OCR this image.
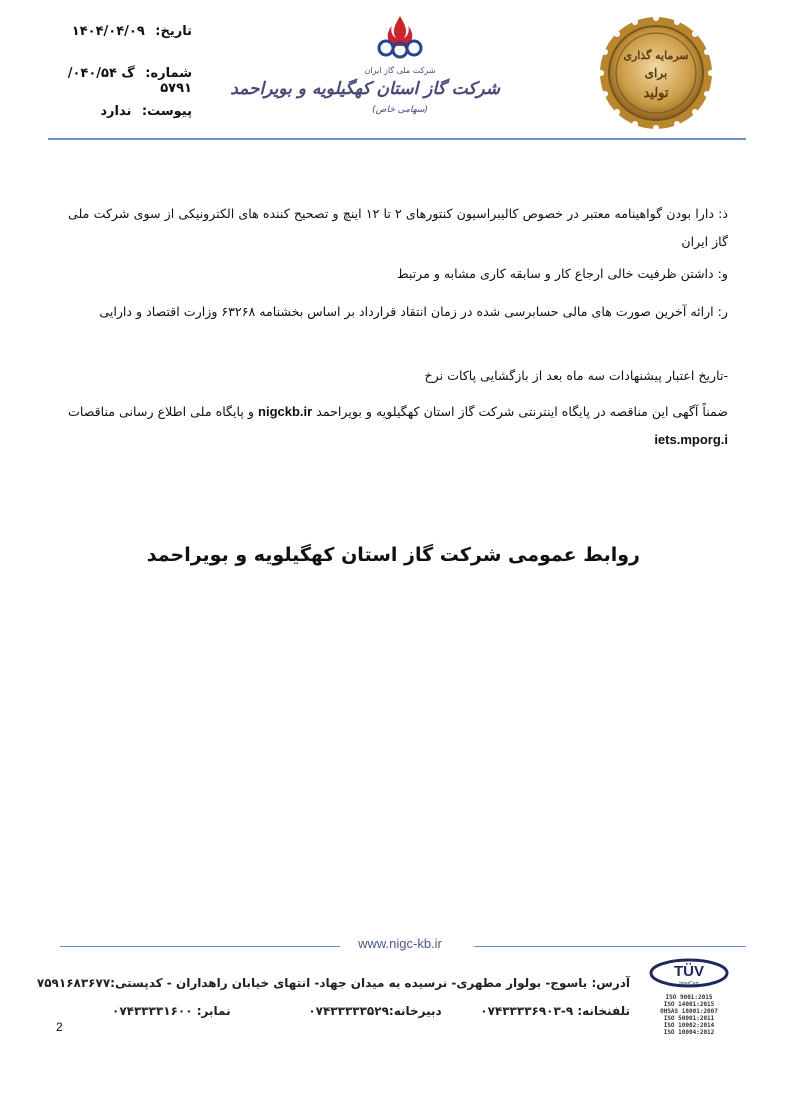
تاریخ: ۱۴۰۴/۰۴/۰۹
شماره: گ ۰۴۰/۵۴/ ۵۷۹۱
پیوست: ندارد
شرکت ملی گاز ایران
شرکت گاز استان کهگیلویه و بویراحمد
(سهامی خاص)
سرمایه گذاری
برای
تولید
ذ: دارا بودن گواهینامه معتبر در خصوص کالیبراسیون کنتورهای ۲ تا ۱۲ اینچ و تصحیح کننده های الکترونیکی از سوی شرکت ملی گاز ایران
و: داشتن ظرفیت خالی ارجاع کار و سابقه کاری مشابه و مرتبط
ر: ارائه آخرین صورت های مالی حسابرسی شده در زمان انتقاد قرارداد بر اساس بخشنامه ۶۳۲۶۸ وزارت اقتصاد و دارایی
-تاریخ اعتبار پیشنهادات سه ماه بعد از بازگشایی پاکات نرخ
ضمناً آگهی این مناقصه در پایگاه اینترنتی شرکت گاز استان کهگیلویه و بویراحمد nigckb.ir و پایگاه ملی اطلاع رسانی مناقصات iets.mporg.i
روابط عمومی شرکت گاز استان کهگیلویه و بویراحمد
www.nigc-kb.ir
آدرس: یاسوج- بولوار مطهری- نرسیده به میدان جهاد- انتهای خیابان راهداران - کدپستی:۷۵۹۱۶۸۳۶۷۷
تلفنخانه: ۹-۰۷۴۳۳۳۳۶۹۰۳
دبیرخانه:۰۷۴۳۳۳۳۳۵۲۹
نمابر: ۰۷۴۳۳۳۳۱۶۰۰
TÜV
InterCert
ISO 9001:2015
ISO 14001:2015
OHSAS 18001:2007
ISO 50001:2011
ISO 10002:2014
ISO 10004:2012
2
